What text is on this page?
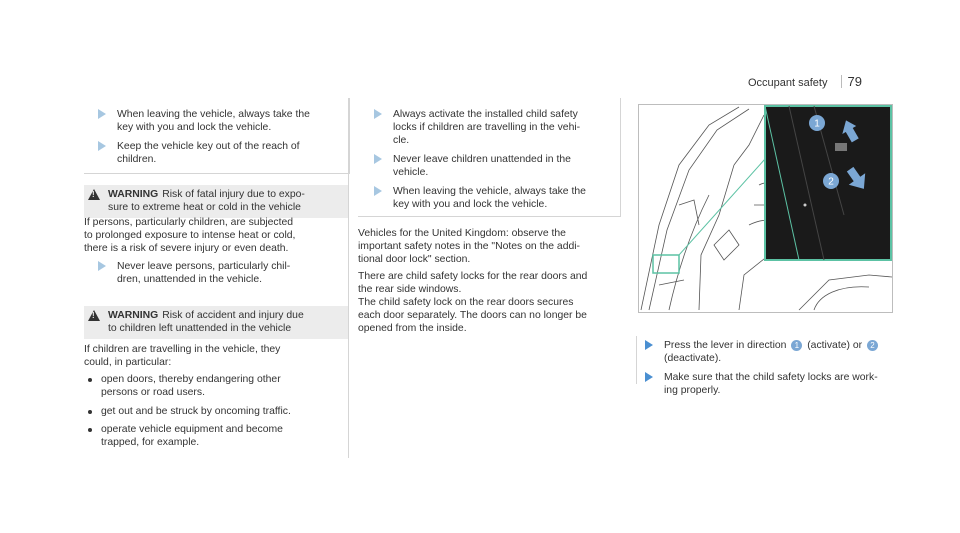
Occupant safety 79
When leaving the vehicle, always take the
key with you and lock the vehicle.
Keep the vehicle key out of the reach of
children.
!
WARNING Risk of fatal injury due to expo-
sure to extreme heat or cold in the vehicle
If persons, particularly children, are subjected
to prolonged exposure to intense heat or cold,
there is a risk of severe injury or even death.
Never leave persons, particularly chil-
dren, unattended in the vehicle.
!
WARNING Risk of accident and injury due
to children left unattended in the vehicle
If children are travelling in the vehicle, they
could, in particular:
open doors, thereby endangering other
persons or road users.
get out and be struck by oncoming traffic.
operate vehicle equipment and become
trapped, for example.
Always activate the installed child safety
locks if children are travelling in the vehi-
cle.
Never leave children unattended in the
vehicle.
When leaving the vehicle, always take the
key with you and lock the vehicle.
Vehicles for the United Kingdom: observe the
important safety notes in the "Notes on the addi-
tional door lock" section.
There are child safety locks for the rear doors and
the rear side windows.
The child safety lock on the rear doors secures
each door separately. The doors can no longer be
opened from the inside.
1
2
Press the lever in direction 1 (activate) or 2
(deactivate).
Make sure that the child safety locks are work-
ing properly.
